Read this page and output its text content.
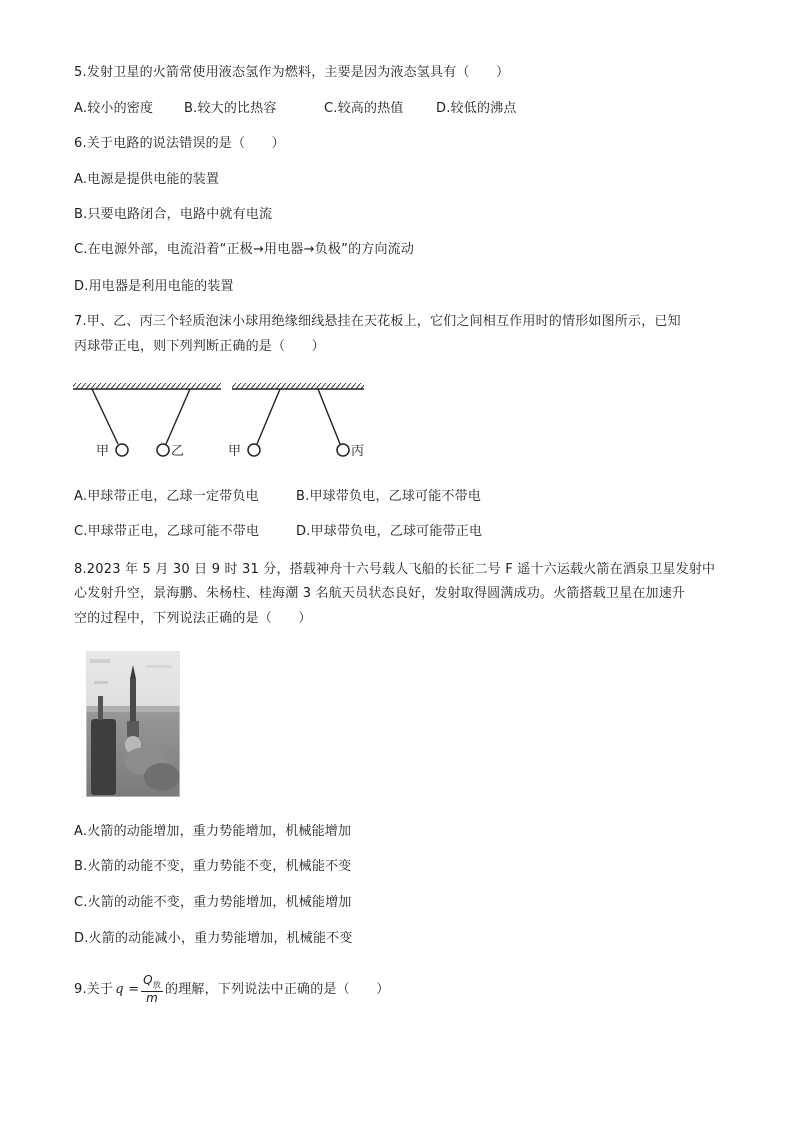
5.发射卫星的火箭常使用液态氢作为燃料，主要是因为液态氢具有（　　）
A.较小的密度	B.较大的比热容	C.较高的热值	D.较低的沸点
6.关于电路的说法错误的是（　　）
A.电源是提供电能的装置
B.只要电路闭合，电路中就有电流
C.在电源外部，电流沿着“正极→用电器→负极”的方向流动
D.用电器是利用电能的装置
7.甲、乙、丙三个轻质泡沫小球用绝缘细线悬挂在天花板上，它们之间相互作用时的情形如图所示，已知
丙球带正电，则下列判断正确的是（　　）
甲	乙	甲	丙
A.甲球带正电，乙球一定带负电	B.甲球带负电，乙球可能不带电
C.甲球带正电，乙球可能不带电	D.甲球带负电，乙球可能带正电
8.2023 年 5 月 30 日 9 时 31 分，搭载神舟十六号载人飞船的长征二号 F 遥十六运载火箭在酒泉卫星发射中
心发射升空，景海鹏、朱杨柱、桂海潮 3 名航天员状态良好，发射取得圆满成功。火箭搭载卫星在加速升
空的过程中，下列说法正确的是（　　）
A.火箭的动能增加，重力势能增加，机械能增加
B.火箭的动能不变，重力势能不变，机械能不变
C.火箭的动能不变，重力势能增加，机械能增加
D.火箭的动能减小，重力势能增加，机械能不变
9.关于 $q = \frac{Q_放}{m}$ 的理解，下列说法中正确的是（　　）
